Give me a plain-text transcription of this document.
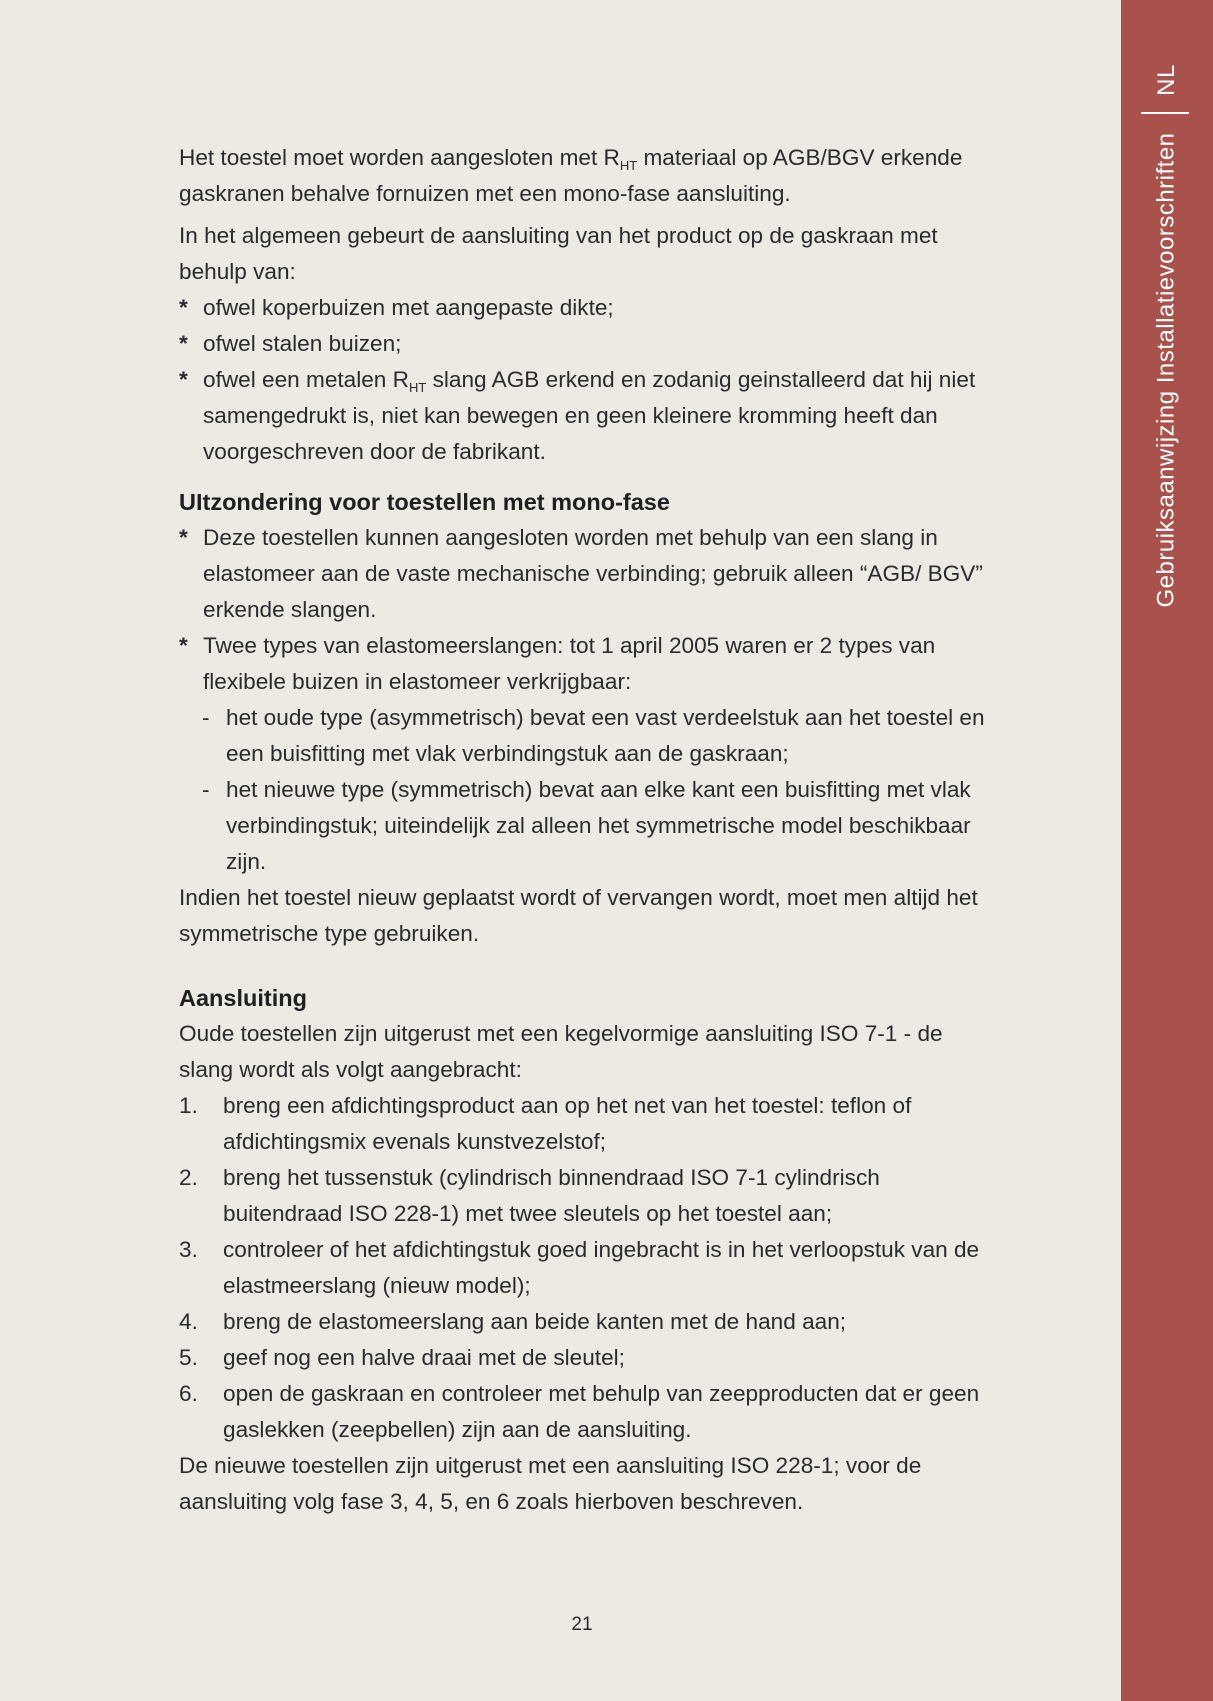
NL
Gebruiksaanwijzing Installatievoorschriften

Het toestel moet worden aangesloten met $R_{HT}$ materiaal op AGB/BGV erkende gaskranen behalve fornuizen met een mono-fase aansluiting.

In het algemeen gebeurt de aansluiting van het product op de gaskraan met behulp van:

* ofwel koperbuizen met aangepaste dikte;
* ofwel stalen buizen;
* ofwel een metalen $R_{HT}$ slang AGB erkend en zodanig geinstalleerd dat hij niet samengedrukt is, niet kan bewegen en geen kleinere kromming heeft dan voorgeschreven door de fabrikant.
UItzondering voor toestellen met mono-fase
* Deze toestellen kunnen aangesloten worden met behulp van een slang in elastomeer aan de vaste mechanische verbinding; gebruik alleen “AGB/ BGV” erkende slangen.
* Twee types van elastomeerslangen: tot 1 april 2005 waren er 2 types van flexibele buizen in elastomeer verkrijgbaar:
- het oude type (asymmetrisch) bevat een vast verdeelstuk aan het toestel en een buisfitting met vlak verbindingstuk aan de gaskraan;
- het nieuwe type (symmetrisch) bevat aan elke kant een buisfitting met vlak verbindingstuk; uiteindelijk zal alleen het symmetrische model beschikbaar zijn.

Indien het toestel nieuw geplaatst wordt of vervangen wordt, moet men altijd het symmetrische type gebruiken.

Aansluiting

Oude toestellen zijn uitgerust met een kegelvormige aansluiting ISO 7-1 - de slang wordt als volgt aangebracht:

1. breng een afdichtingsproduct aan op het net van het toestel: teflon of afdichtingsmix evenals kunstvezelstof;
2. breng het tussenstuk (cylindrisch binnendraad ISO 7-1 cylindrisch buitendraad ISO 228-1) met twee sleutels op het toestel aan;
3. controleer of het afdichtingstuk goed ingebracht is in het verloopstuk van de elastmeerslang (nieuw model);
4. breng de elastomeerslang aan beide kanten met de hand aan;
5. geef nog een halve draai met de sleutel;
6. open de gaskraan en controleer met behulp van zeepproducten dat er geen gaslekken (zeepbellen) zijn aan de aansluiting.

De nieuwe toestellen zijn uitgerust met een aansluiting ISO 228-1; voor de aansluiting volg fase 3, 4, 5, en 6 zoals hierboven beschreven.

21
